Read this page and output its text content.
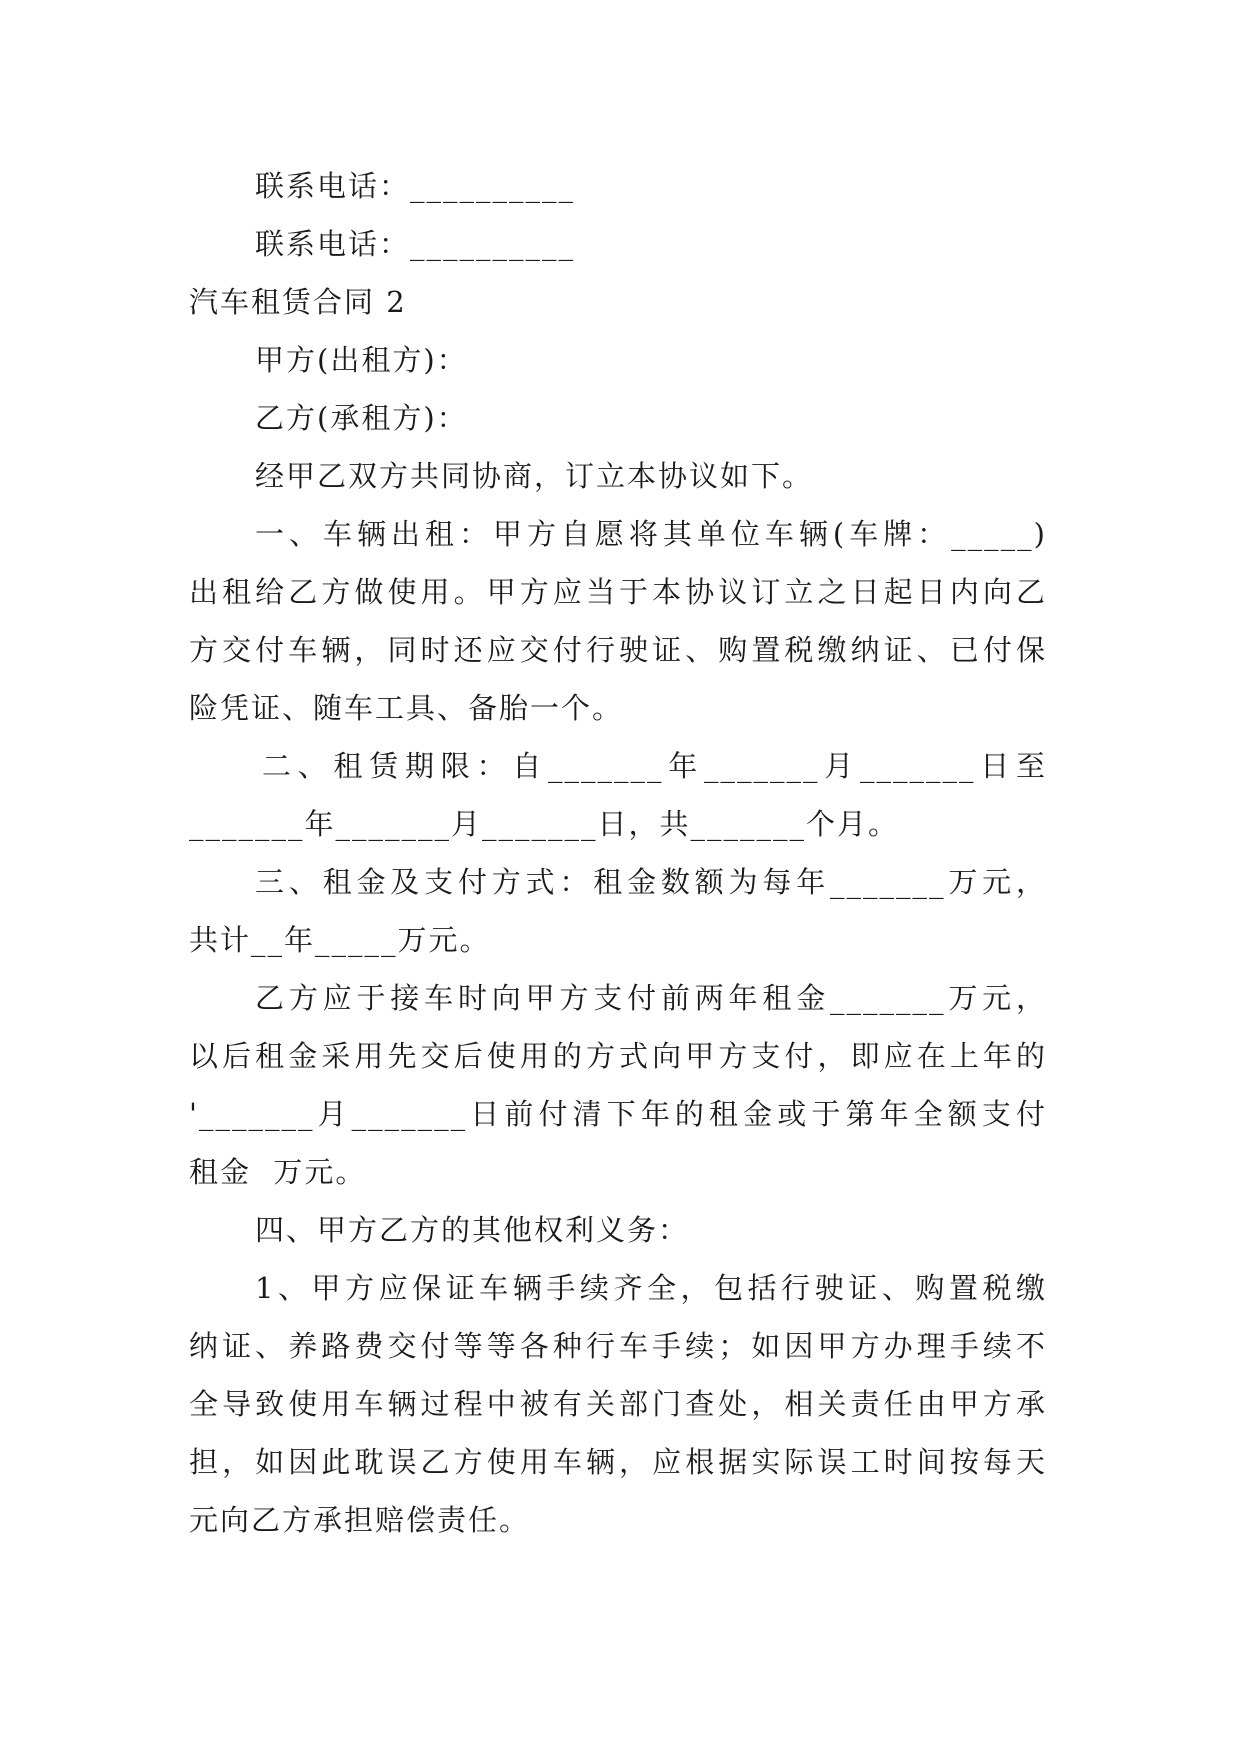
联系电话：__________
联系电话：__________
汽车租赁合同 2
甲方(出租方)：
乙方(承租方)：
经甲乙双方共同协商，订立本协议如下。
一、车辆出租：甲方自愿将其单位车辆(车牌：_____)
出租给乙方做使用。甲方应当于本协议订立之日起日内向乙
方交付车辆，同时还应交付行驶证、购置税缴纳证、已付保
险凭证、随车工具、备胎一个。
二、租赁期限：自_______年_______月_______日至
_______年_______月_______日，共_______个月。
三、租金及支付方式：租金数额为每年_______万元，
共计__年_____万元。
乙方应于接车时向甲方支付前两年租金_______万元，
以后租金采用先交后使用的方式向甲方支付，即应在上年的
'_______月_______日前付清下年的租金或于第年全额支付
租金  万元。
四、甲方乙方的其他权利义务：
1、甲方应保证车辆手续齐全，包括行驶证、购置税缴
纳证、养路费交付等等各种行车手续；如因甲方办理手续不
全导致使用车辆过程中被有关部门查处，相关责任由甲方承
担，如因此耽误乙方使用车辆，应根据实际误工时间按每天
元向乙方承担赔偿责任。
